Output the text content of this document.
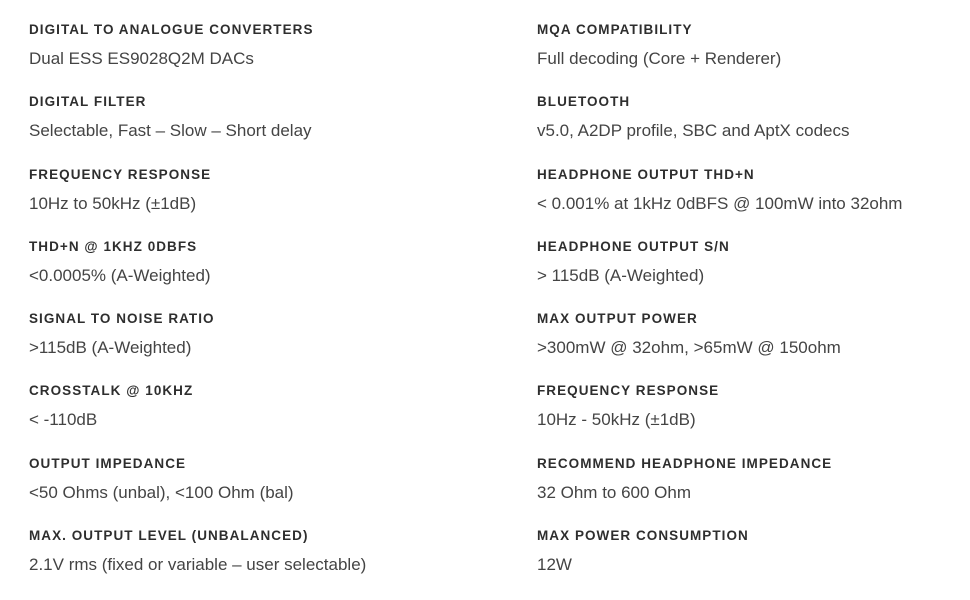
DIGITAL TO ANALOGUE CONVERTERS
Dual ESS ES9028Q2M DACs
DIGITAL FILTER
Selectable, Fast – Slow – Short delay
FREQUENCY RESPONSE
10Hz to 50kHz (±1dB)
THD+N @ 1KHZ 0DBFS
<0.0005% (A-Weighted)
SIGNAL TO NOISE RATIO
>115dB (A-Weighted)
CROSSTALK @ 10KHZ
< -110dB
OUTPUT IMPEDANCE
<50 Ohms (unbal), <100 Ohm (bal)
MAX. OUTPUT LEVEL (UNBALANCED)
2.1V rms (fixed or variable – user selectable)
MQA COMPATIBILITY
Full decoding (Core + Renderer)
BLUETOOTH
v5.0, A2DP profile, SBC and AptX codecs
HEADPHONE OUTPUT THD+N
< 0.001% at 1kHz 0dBFS @ 100mW into 32ohm
HEADPHONE OUTPUT S/N
> 115dB (A-Weighted)
MAX OUTPUT POWER
>300mW @ 32ohm, >65mW @ 150ohm
FREQUENCY RESPONSE
10Hz - 50kHz (±1dB)
RECOMMEND HEADPHONE IMPEDANCE
32 Ohm to 600 Ohm
MAX POWER CONSUMPTION
12W
